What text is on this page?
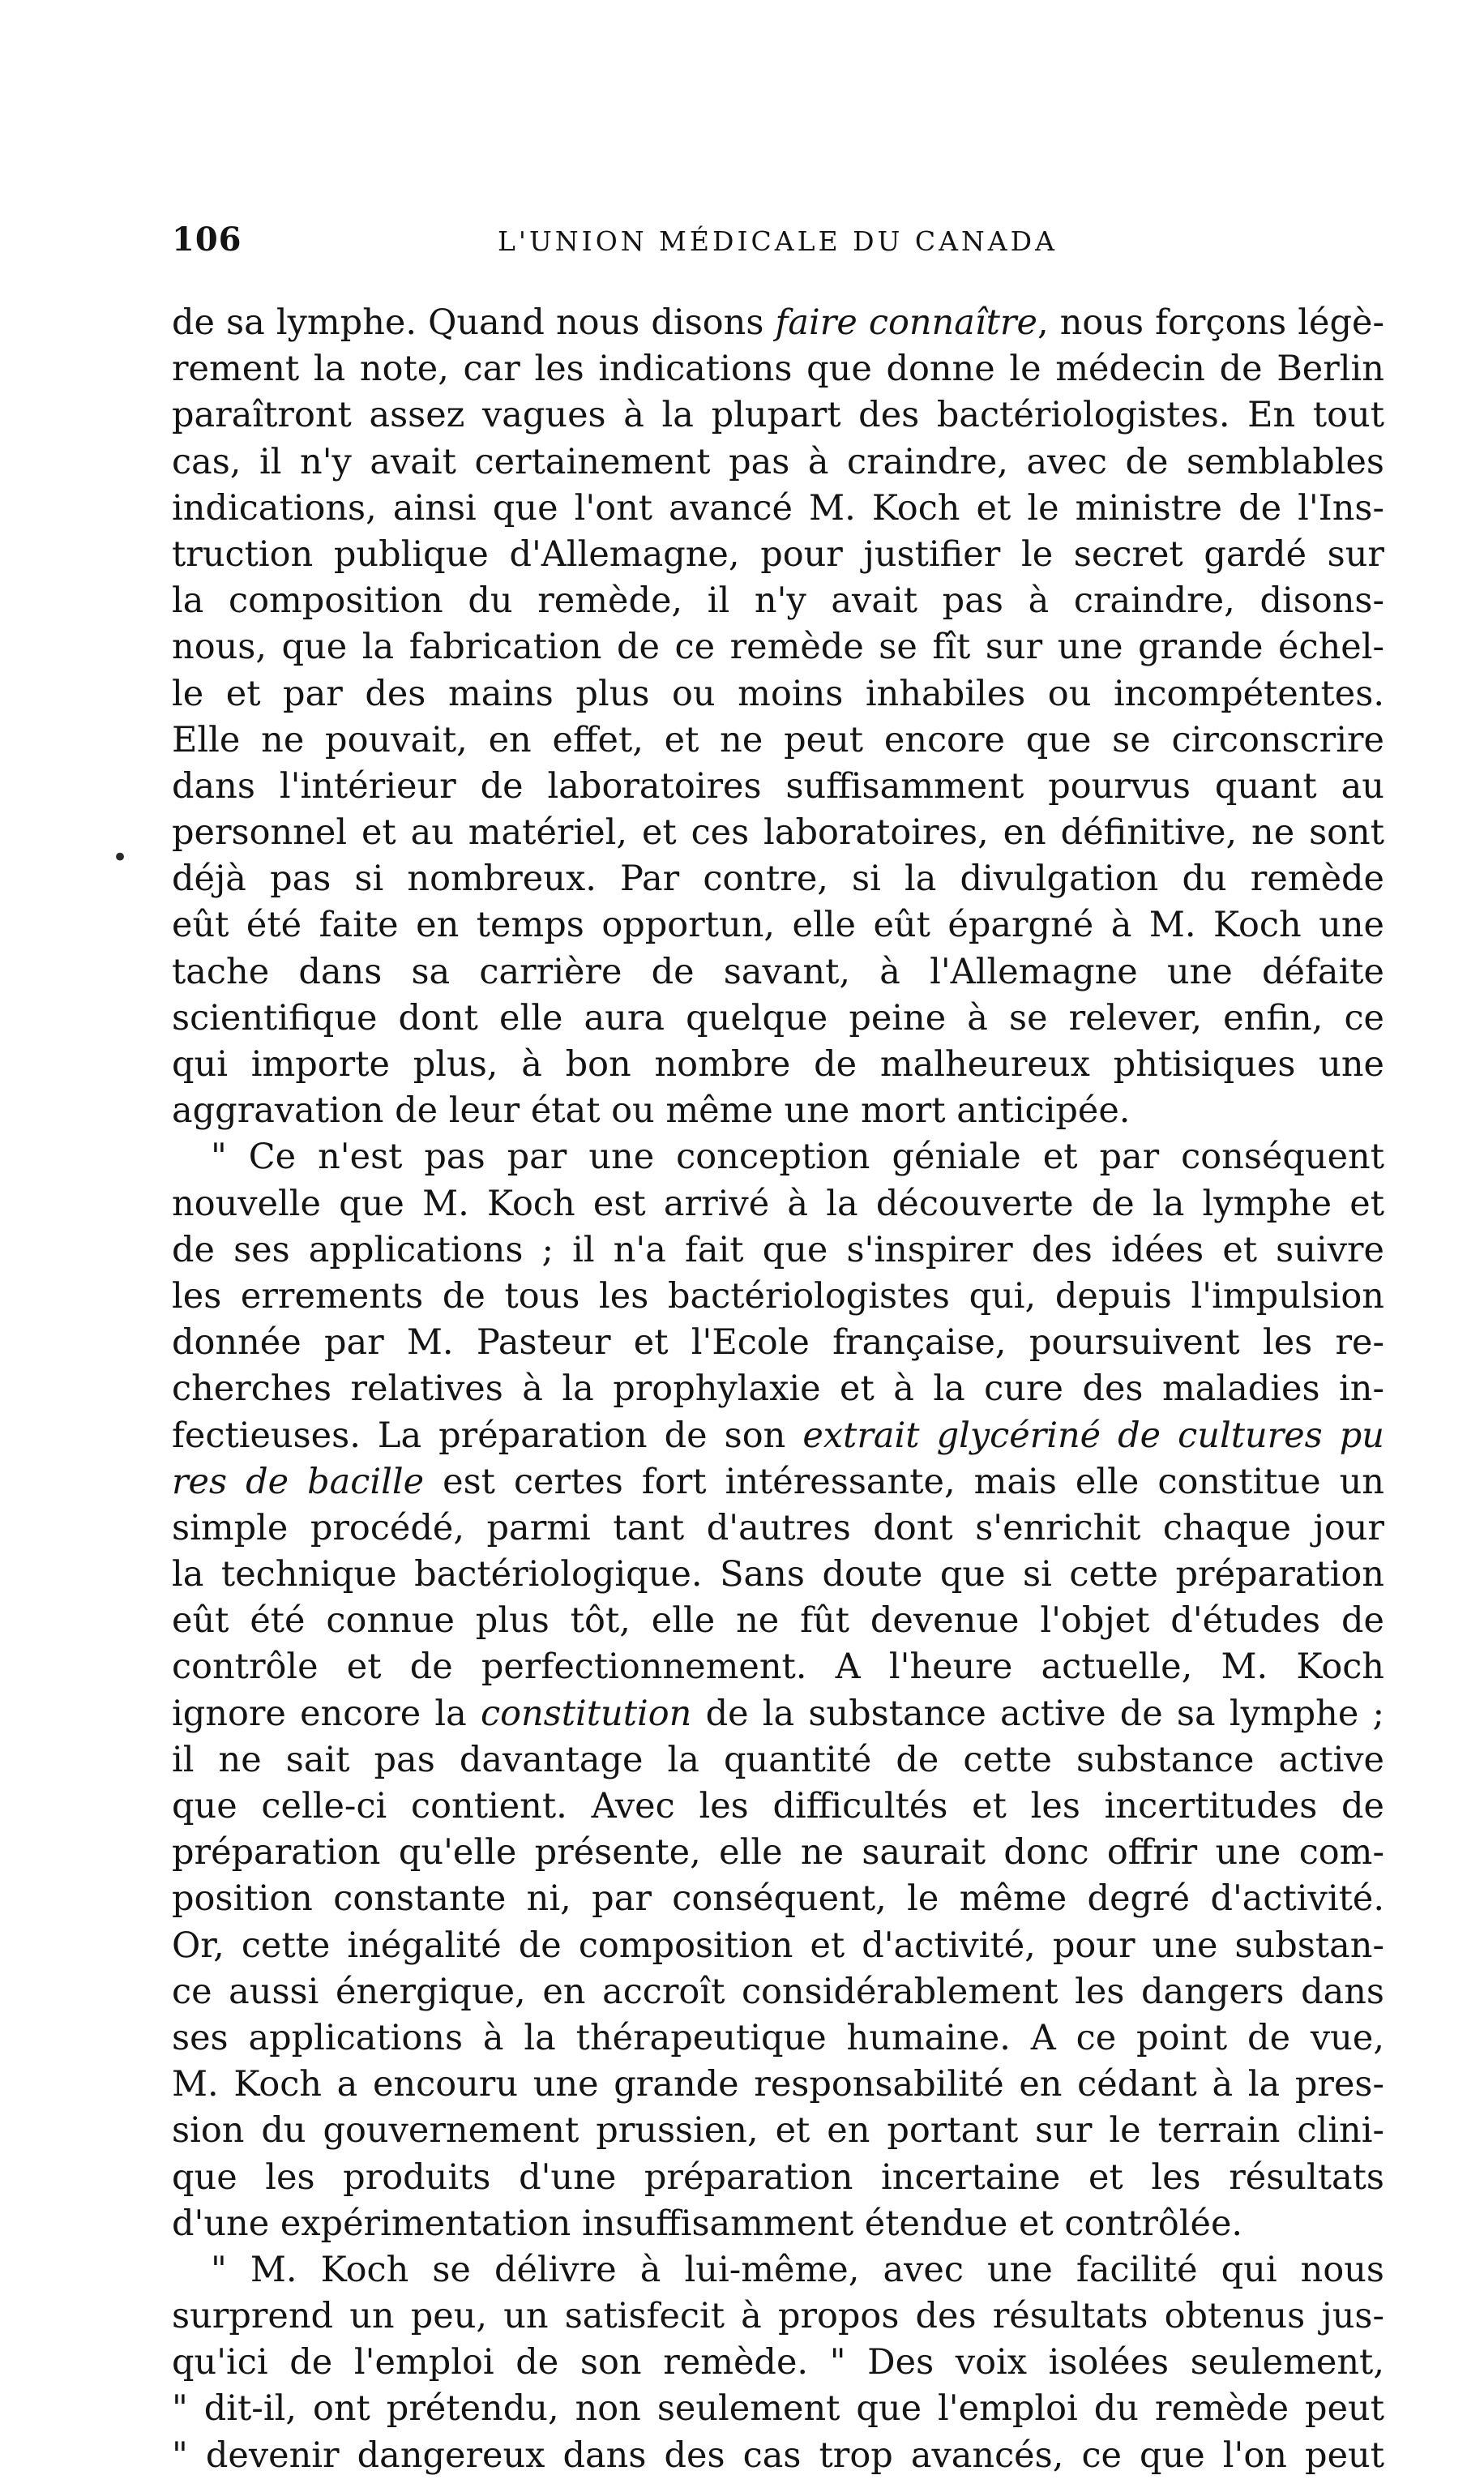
106	L'UNION MÉDICALE DU CANADA
•
de sa lymphe. Quand nous disons faire connaître, nous forçons légè-
rement la note, car les indications que donne le médecin de Berlin
paraîtront assez vagues à la plupart des bactériologistes. En tout
cas, il n'y avait certainement pas à craindre, avec de semblables
indications, ainsi que l'ont avancé M. Koch et le ministre de l'Ins-
truction publique d'Allemagne, pour justifier le secret gardé sur
la composition du remède, il n'y avait pas à craindre, disons-
nous, que la fabrication de ce remède se fît sur une grande échel-
le et par des mains plus ou moins inhabiles ou incompétentes.
Elle ne pouvait, en effet, et ne peut encore que se circonscrire
dans l'intérieur de laboratoires suffisamment pourvus quant au
personnel et au matériel, et ces laboratoires, en définitive, ne sont
déjà pas si nombreux. Par contre, si la divulgation du remède
eût été faite en temps opportun, elle eût épargné à M. Koch une
tache dans sa carrière de savant, à l'Allemagne une défaite
scientifique dont elle aura quelque peine à se relever, enfin, ce
qui importe plus, à bon nombre de malheureux phtisiques une
aggravation de leur état ou même une mort anticipée.
" Ce n'est pas par une conception géniale et par conséquent
nouvelle que M. Koch est arrivé à la découverte de la lymphe et
de ses applications ; il n'a fait que s'inspirer des idées et suivre
les errements de tous les bactériologistes qui, depuis l'impulsion
donnée par M. Pasteur et l'Ecole française, poursuivent les re-
cherches relatives à la prophylaxie et à la cure des maladies in-
fectieuses. La préparation de son extrait glycériné de cultures pu
res de bacille est certes fort intéressante, mais elle constitue un
simple procédé, parmi tant d'autres dont s'enrichit chaque jour
la technique bactériologique. Sans doute que si cette préparation
eût été connue plus tôt, elle ne fût devenue l'objet d'études de
contrôle et de perfectionnement. A l'heure actuelle, M. Koch
ignore encore la constitution de la substance active de sa lymphe ;
il ne sait pas davantage la quantité de cette substance active
que celle-ci contient. Avec les difficultés et les incertitudes de
préparation qu'elle présente, elle ne saurait donc offrir une com-
position constante ni, par conséquent, le même degré d'activité.
Or, cette inégalité de composition et d'activité, pour une substan-
ce aussi énergique, en accroît considérablement les dangers dans
ses applications à la thérapeutique humaine. A ce point de vue,
M. Koch a encouru une grande responsabilité en cédant à la pres-
sion du gouvernement prussien, et en portant sur le terrain clini-
que les produits d'une préparation incertaine et les résultats
d'une expérimentation insuffisamment étendue et contrôlée.
" M. Koch se délivre à lui-même, avec une facilité qui nous
surprend un peu, un satisfecit à propos des résultats obtenus jus-
qu'ici de l'emploi de son remède. " Des voix isolées seulement,
" dit-il, ont prétendu, non seulement que l'emploi du remède peut
" devenir dangereux dans des cas trop avancés, ce que l'on peut
